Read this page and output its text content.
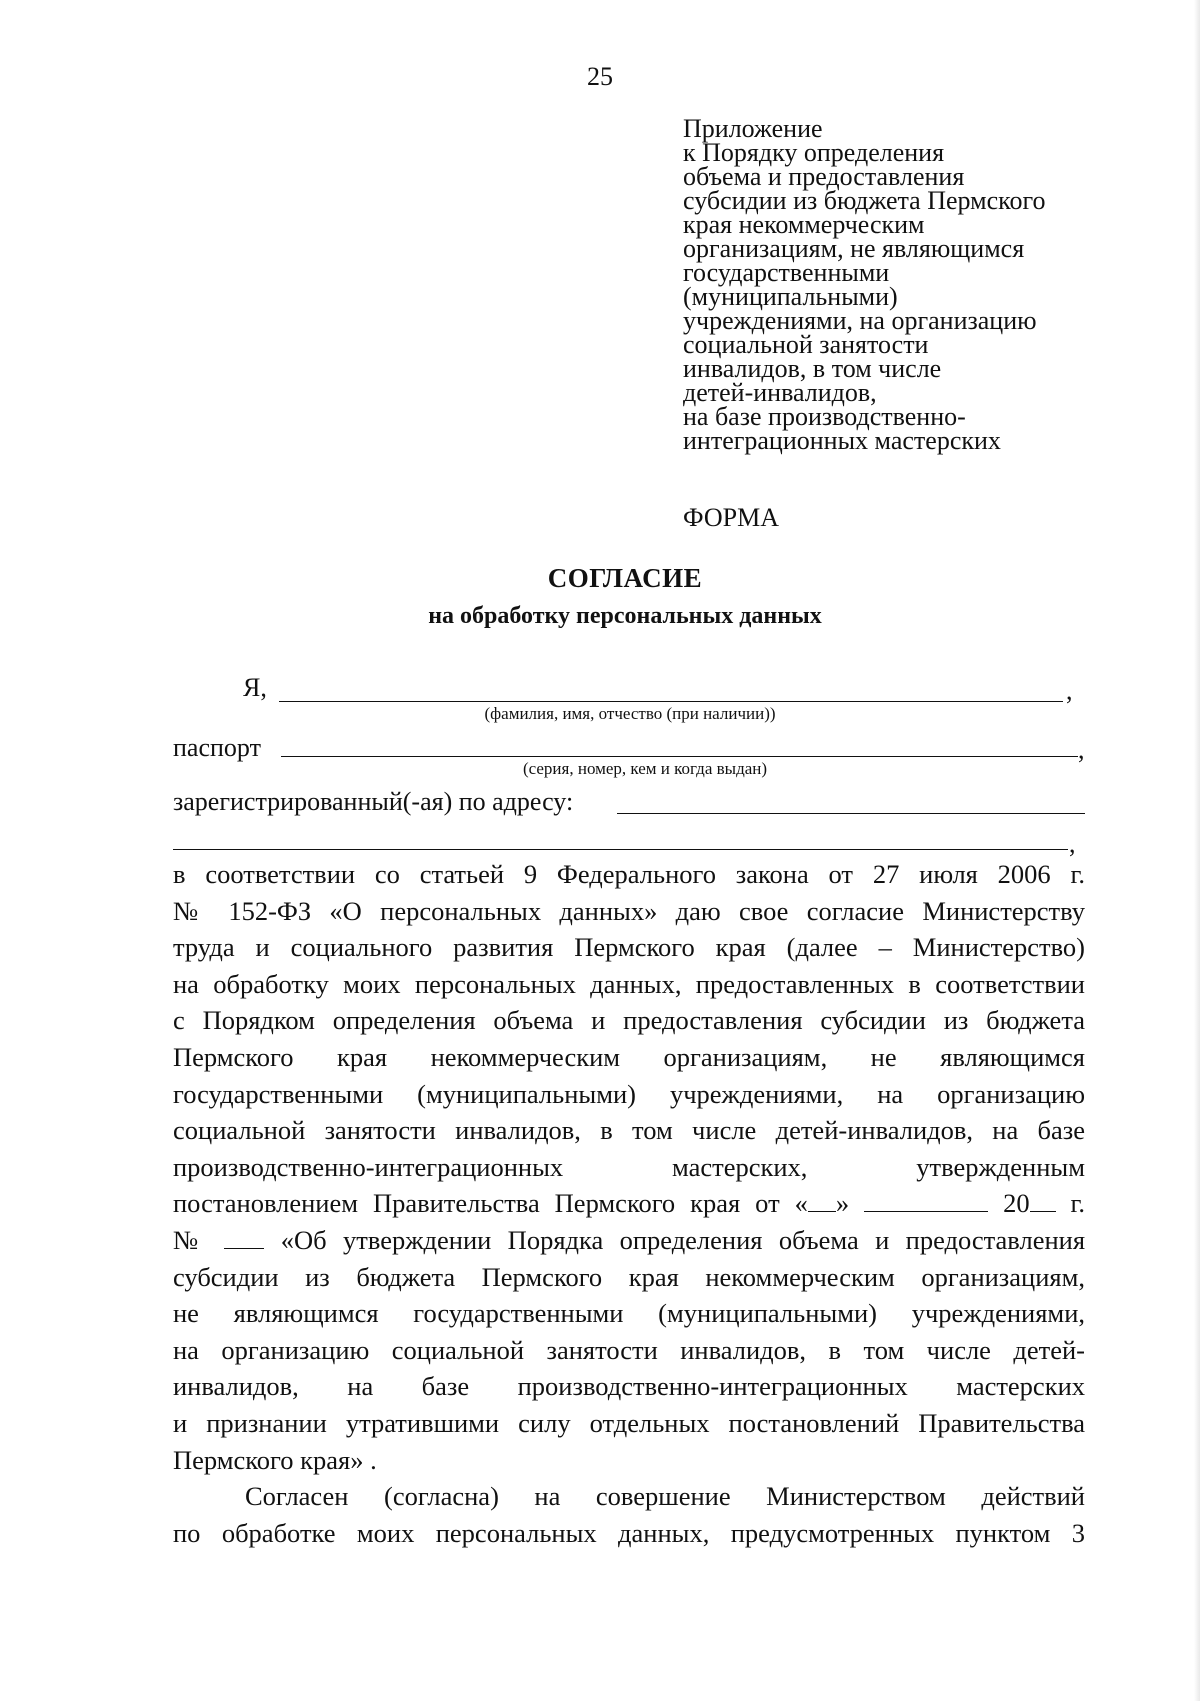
25
Приложение
к Порядку определения
объема и предоставления
субсидии из бюджета Пермского
края некоммерческим
организациям, не являющимся
государственными
(муниципальными)
учреждениями, на организацию
социальной занятости
инвалидов, в том числе
детей-инвалидов,
на базе производственно-
интеграционных мастерских
ФОРМА
СОГЛАСИЕ
на обработку персональных данных
Я,	,
(фамилия, имя, отчество (при наличии))
паспорт	,
(серия, номер, кем и когда выдан)
зарегистрированный(-ая) по адресу:
,
в соответствии со статьей 9 Федерального закона от 27 июля 2006 г.
№ 152-ФЗ «О персональных данных» даю свое согласие Министерству
труда и социального развития Пермского края (далее – Министерство)
на обработку моих персональных данных, предоставленных в соответствии
с Порядком определения объема и предоставления субсидии из бюджета
Пермского края некоммерческим организациям, не являющимся
государственными (муниципальными) учреждениями, на организацию
социальной занятости инвалидов, в том числе детей-инвалидов, на базе
производственно-интеграционных мастерских, утвержденным
постановлением Правительства Пермского края от « »	20 г.
№	«Об утверждении Порядка определения объема и предоставления
субсидии из бюджета Пермского края некоммерческим организациям,
не являющимся государственными (муниципальными) учреждениями,
на организацию социальной занятости инвалидов, в том числе детей-
инвалидов, на базе производственно-интеграционных мастерских
и признании утратившими силу отдельных постановлений Правительства
Пермского края» .
Согласен (согласна) на совершение Министерством действий
по обработке моих персональных данных, предусмотренных пунктом 3
